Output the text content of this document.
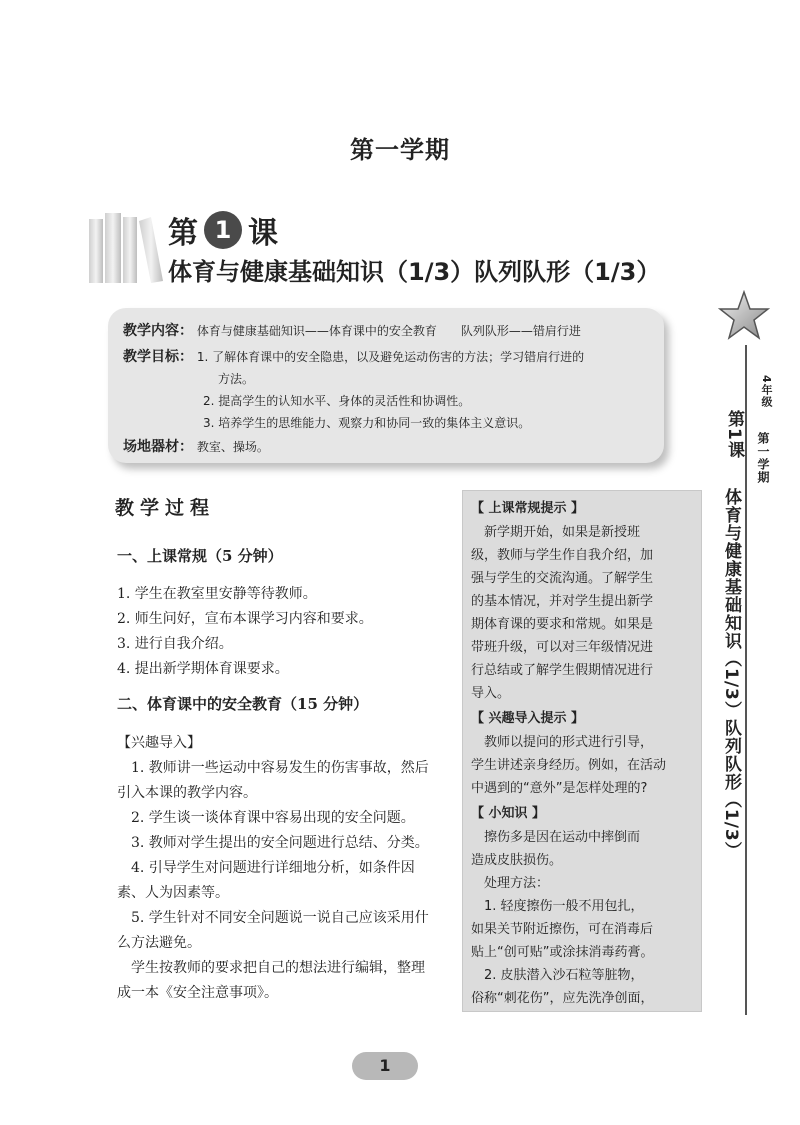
第一学期
第 1 课
体育与健康基础知识（1/3）队列队形（1/3）
教学内容： 体育与健康基础知识——体育课中的安全教育　　队列队形——错肩行进
教学目标： 1. 了解体育课中的安全隐患，以及避免运动伤害的方法；学习错肩行进的
方法。
2. 提高学生的认知水平、身体的灵活性和协调性。
3. 培养学生的思维能力、观察力和协同一致的集体主义意识。
场地器材： 教室、操场。
教学过程
一、上课常规（5 分钟）
1. 学生在教室里安静等待教师。
2. 师生问好，宣布本课学习内容和要求。
3. 进行自我介绍。
4. 提出新学期体育课要求。
二、体育课中的安全教育（15 分钟）
【兴趣导入】
　1. 教师讲一些运动中容易发生的伤害事故，然后
引入本课的教学内容。
　2. 学生谈一谈体育课中容易出现的安全问题。
　3. 教师对学生提出的安全问题进行总结、分类。
　4. 引导学生对问题进行详细地分析，如条件因
素、人为因素等。
　5. 学生针对不同安全问题说一说自己应该采用什
么方法避免。
　学生按教师的要求把自己的想法进行编辑，整理
成一本《安全注意事项》。
【 上课常规提示 】
　新学期开始，如果是新授班
级，教师与学生作自我介绍，加
强与学生的交流沟通。了解学生
的基本情况，并对学生提出新学
期体育课的要求和常规。如果是
带班升级，可以对三年级情况进
行总结或了解学生假期情况进行
导入。
【 兴趣导入提示 】
　教师以提问的形式进行引导，
学生讲述亲身经历。例如，在活动
中遇到的“意外”是怎样处理的?
【 小知识 】
　擦伤多是因在运动中摔倒而
造成皮肤损伤。
　处理方法：
　1. 轻度擦伤一般不用包扎，
如果关节附近擦伤，可在消毒后
贴上“创可贴”或涂抹消毒药膏。
　2. 皮肤潜入沙石粒等脏物，
俗称“刺花伤”，应先洗净创面，
4年级
第一学期
第1课
体育与健康基础知识（1/3）队列队形（1/3）
1
